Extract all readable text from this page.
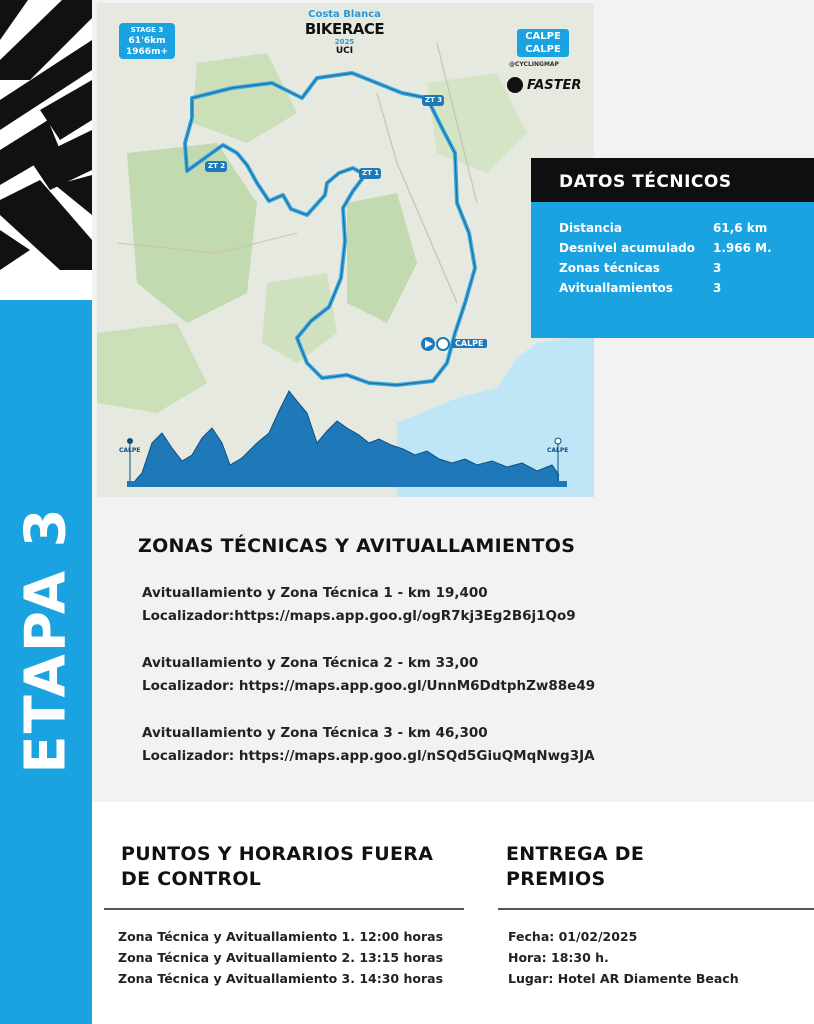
ETAPA 3
STAGE 3
61'6km
1966m+
Costa Blanca
BIKERACE
2025
UCI
CALPE
CALPE
@CYCLINGMAP
FASTER
ZT 1
ZT 2
ZT 3
CALPE
CALPE	CALPE
DATOS TÉCNICOS
Distancia	61,6 km
Desnivel acumulado	1.966 M.
Zonas técnicas	3
Avituallamientos	3
ZONAS TÉCNICAS Y AVITUALLAMIENTOS
Avituallamiento y Zona Técnica 1 - km 19,400
Localizador:https://maps.app.goo.gl/ogR7kj3Eg2B6j1Qo9
Avituallamiento y Zona Técnica 2 - km 33,00
Localizador: https://maps.app.goo.gl/UnnM6DdtphZw88e49
Avituallamiento y Zona Técnica 3 - km 46,300
Localizador: https://maps.app.goo.gl/nSQd5GiuQMqNwg3JA
PUNTOS Y HORARIOS FUERA
DE CONTROL
Zona Técnica y Avituallamiento 1. 12:00 horas
Zona Técnica y Avituallamiento 2. 13:15 horas
Zona Técnica y Avituallamiento 3. 14:30 horas
ENTREGA DE
PREMIOS
Fecha: 01/02/2025
Hora: 18:30 h.
Lugar: Hotel AR Diamente Beach
